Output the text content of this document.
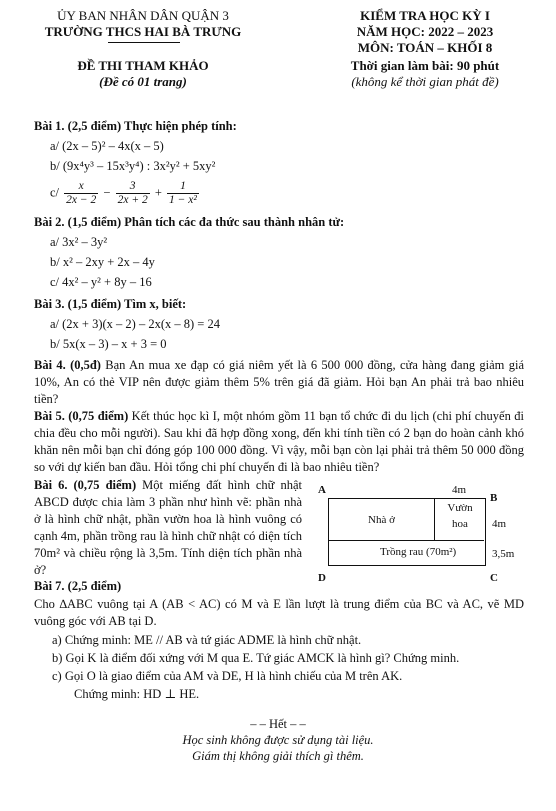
ỦY BAN NHÂN DÂN QUẬN 3
TRƯỜNG THCS HAI BÀ TRƯNG
ĐỀ THI THAM KHẢO
(Đề có 01 trang)
KIỂM TRA HỌC KỲ I
NĂM HỌC: 2022 – 2023
MÔN: TOÁN – KHỐI 8
Thời gian làm bài: 90 phút
(không kể thời gian phát đề)
Bài 1. (2,5 điểm) Thực hiện phép tính:
a/ (2x – 5)² – 4x(x – 5)
b/ (9x⁴y³ – 15x³y⁴) : 3x²y² + 5xy²
$c/ \frac{x}{2x - 2} - \frac{3}{2x + 2} + \frac{1}{\text{1 − x²}}$
Bài 2. (1,5 điểm) Phân tích các đa thức sau thành nhân tử:
a/ 3x² – 3y²
b/ x² – 2xy + 2x – 4y
c/ 4x² – y² + 8y – 16
Bài 3. (1,5 điểm) Tìm x, biết:
a/ (2x + 3)(x – 2) – 2x(x – 8) = 24
b/ 5x(x – 3) – x + 3 = 0
Bài 4. (0,5đ) Bạn An mua xe đạp có giá niêm yết là 6 500 000 đồng, cửa hàng đang giảm giá 10%, An có thẻ VIP nên được giảm thêm 5% trên giá đã giảm. Hỏi bạn An phải trả bao nhiêu tiền?
Bài 5. (0,75 điểm) Kết thúc học kì I, một nhóm gồm 11 bạn tổ chức đi du lịch (chi phí chuyến đi chia đều cho mỗi người). Sau khi đã hợp đồng xong, đến khi tính tiền có 2 bạn do hoàn cảnh khó khăn nên mỗi bạn chỉ đóng góp 100 000 đồng. Vì vậy, mỗi bạn còn lại phải trả thêm 50 000 đồng so với dự kiến ban đầu. Hỏi tổng chi phí chuyến đi là bao nhiêu tiền?
Bài 6. (0,75 điểm) Một miếng đất hình chữ nhật ABCD được chia làm 3 phần như hình vẽ: phần nhà ở là hình chữ nhật, phần vườn hoa là hình vuông có cạnh 4m, phần trồng rau là hình chữ nhật có diện tích 70m² và chiều rộng là 3,5m. Tính diện tích phần nhà ở?
A
B
D	C
4m
Nhà ở
Vườn
hoa	4m
Trồng rau (70m²)	3,5m
Bài 7. (2,5 điểm)
Cho ∆ABC vuông tại A (AB < AC) có M và E lần lượt là trung điểm của BC và AC, vẽ MD vuông góc với AB tại D.
a) Chứng minh: ME // AB và tứ giác ADME là hình chữ nhật.
b) Gọi K là điểm đối xứng với M qua E. Tứ giác AMCK là hình gì? Chứng minh.
c) Gọi O là giao điểm của AM và DE, H là hình chiếu của M trên AK.
Chứng minh: HD ⊥ HE.
– – Hết – –
Học sinh không được sử dụng tài liệu.
Giám thị không giải thích gì thêm.
